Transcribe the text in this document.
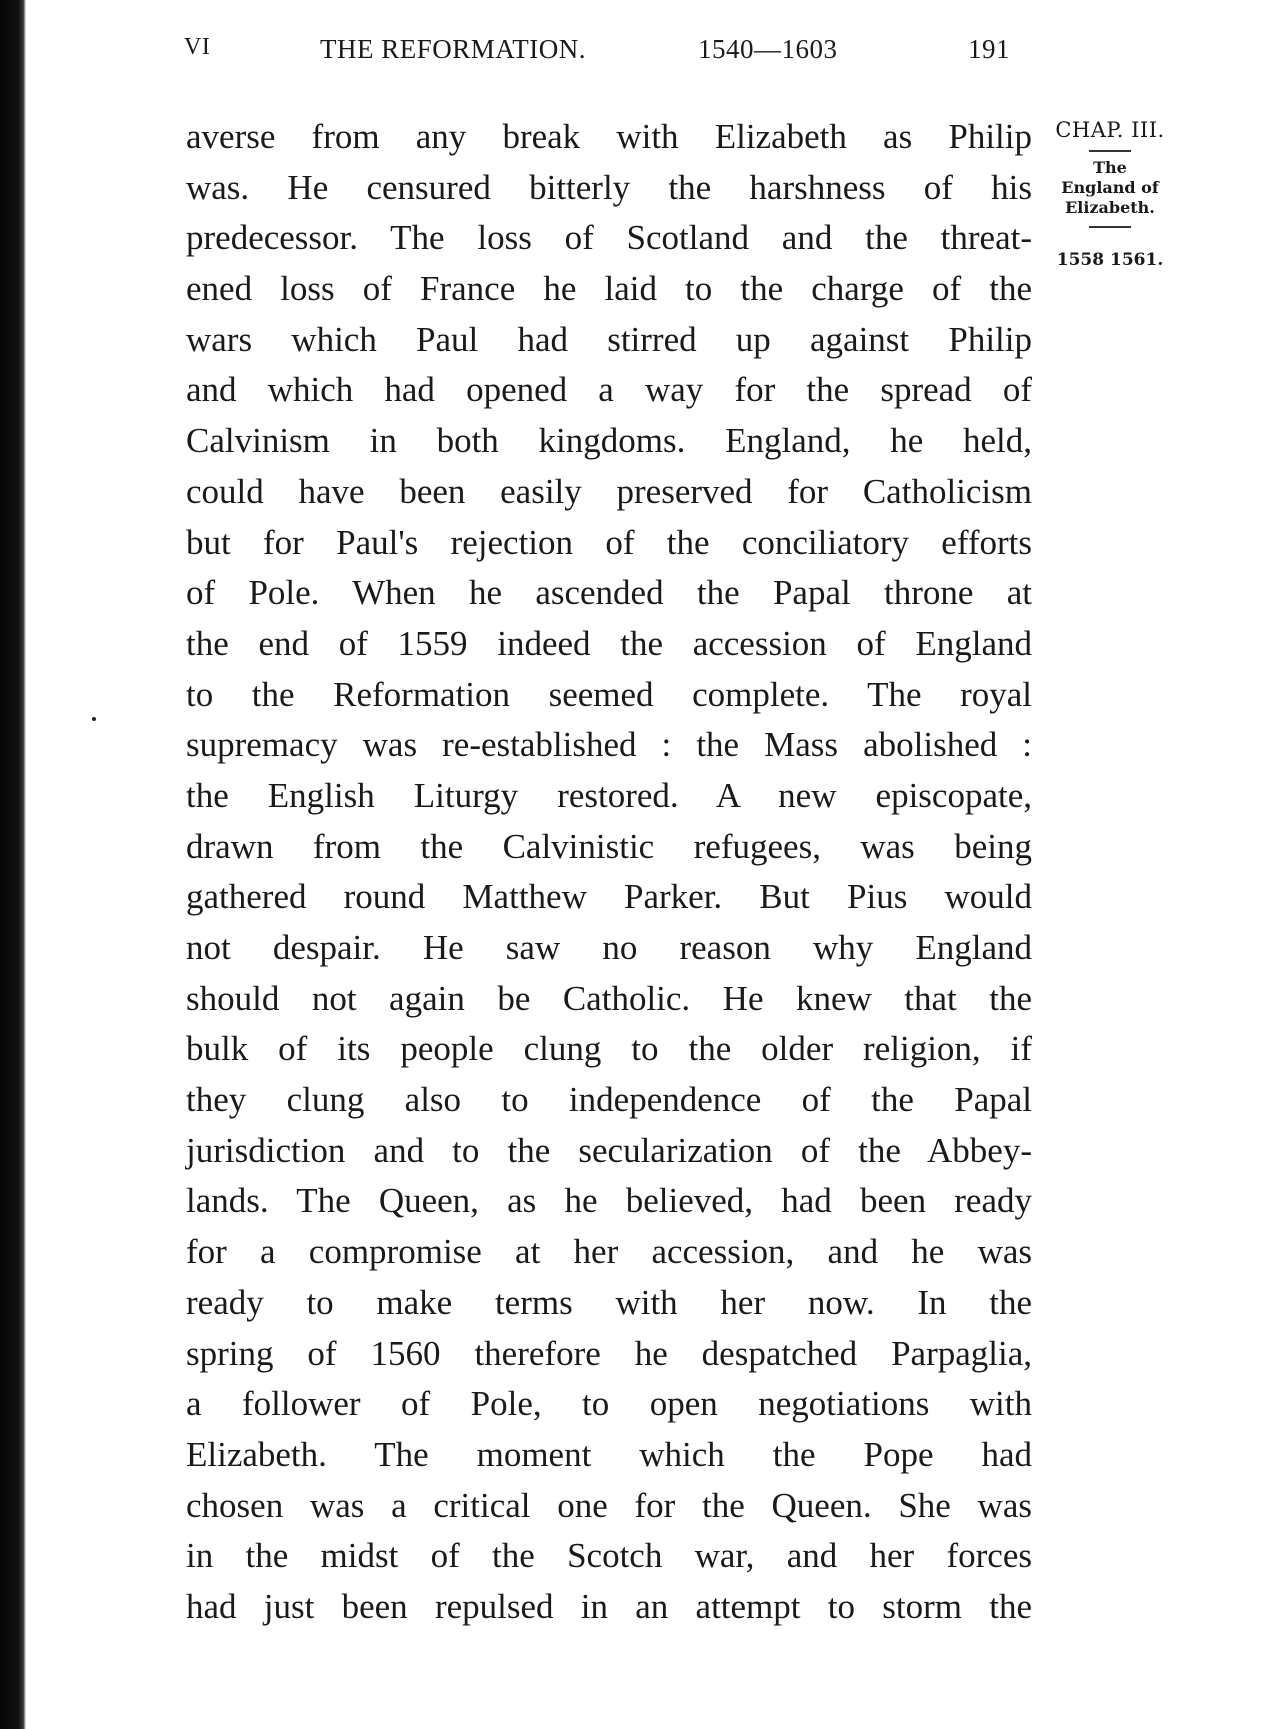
VI	THE REFORMATION.	1540—1603	191
averse from any break with Elizabeth as Philip
was. He censured bitterly the harshness of his
predecessor. The loss of Scotland and the threat-
ened loss of France he laid to the charge of the
wars which Paul had stirred up against Philip
and which had opened a way for the spread of
Calvinism in both kingdoms. England, he held,
could have been easily preserved for Catholicism
but for Paul's rejection of the conciliatory efforts
of Pole. When he ascended the Papal throne at
the end of 1559 indeed the accession of England
to the Reformation seemed complete. The royal
supremacy was re-established : the Mass abolished :
the English Liturgy restored. A new episcopate,
drawn from the Calvinistic refugees, was being
gathered round Matthew Parker. But Pius would
not despair. He saw no reason why England
should not again be Catholic. He knew that the
bulk of its people clung to the older religion, if
they clung also to independence of the Papal
jurisdiction and to the secularization of the Abbey-
lands. The Queen, as he believed, had been ready
for a compromise at her accession, and he was
ready to make terms with her now. In the
spring of 1560 therefore he despatched Parpaglia,
a follower of Pole, to open negotiations with
Elizabeth. The moment which the Pope had
chosen was a critical one for the Queen. She was
in the midst of the Scotch war, and her forces
had just been repulsed in an attempt to storm the
CHAP. III.
The
England of
Elizabeth.
1558 1561.
